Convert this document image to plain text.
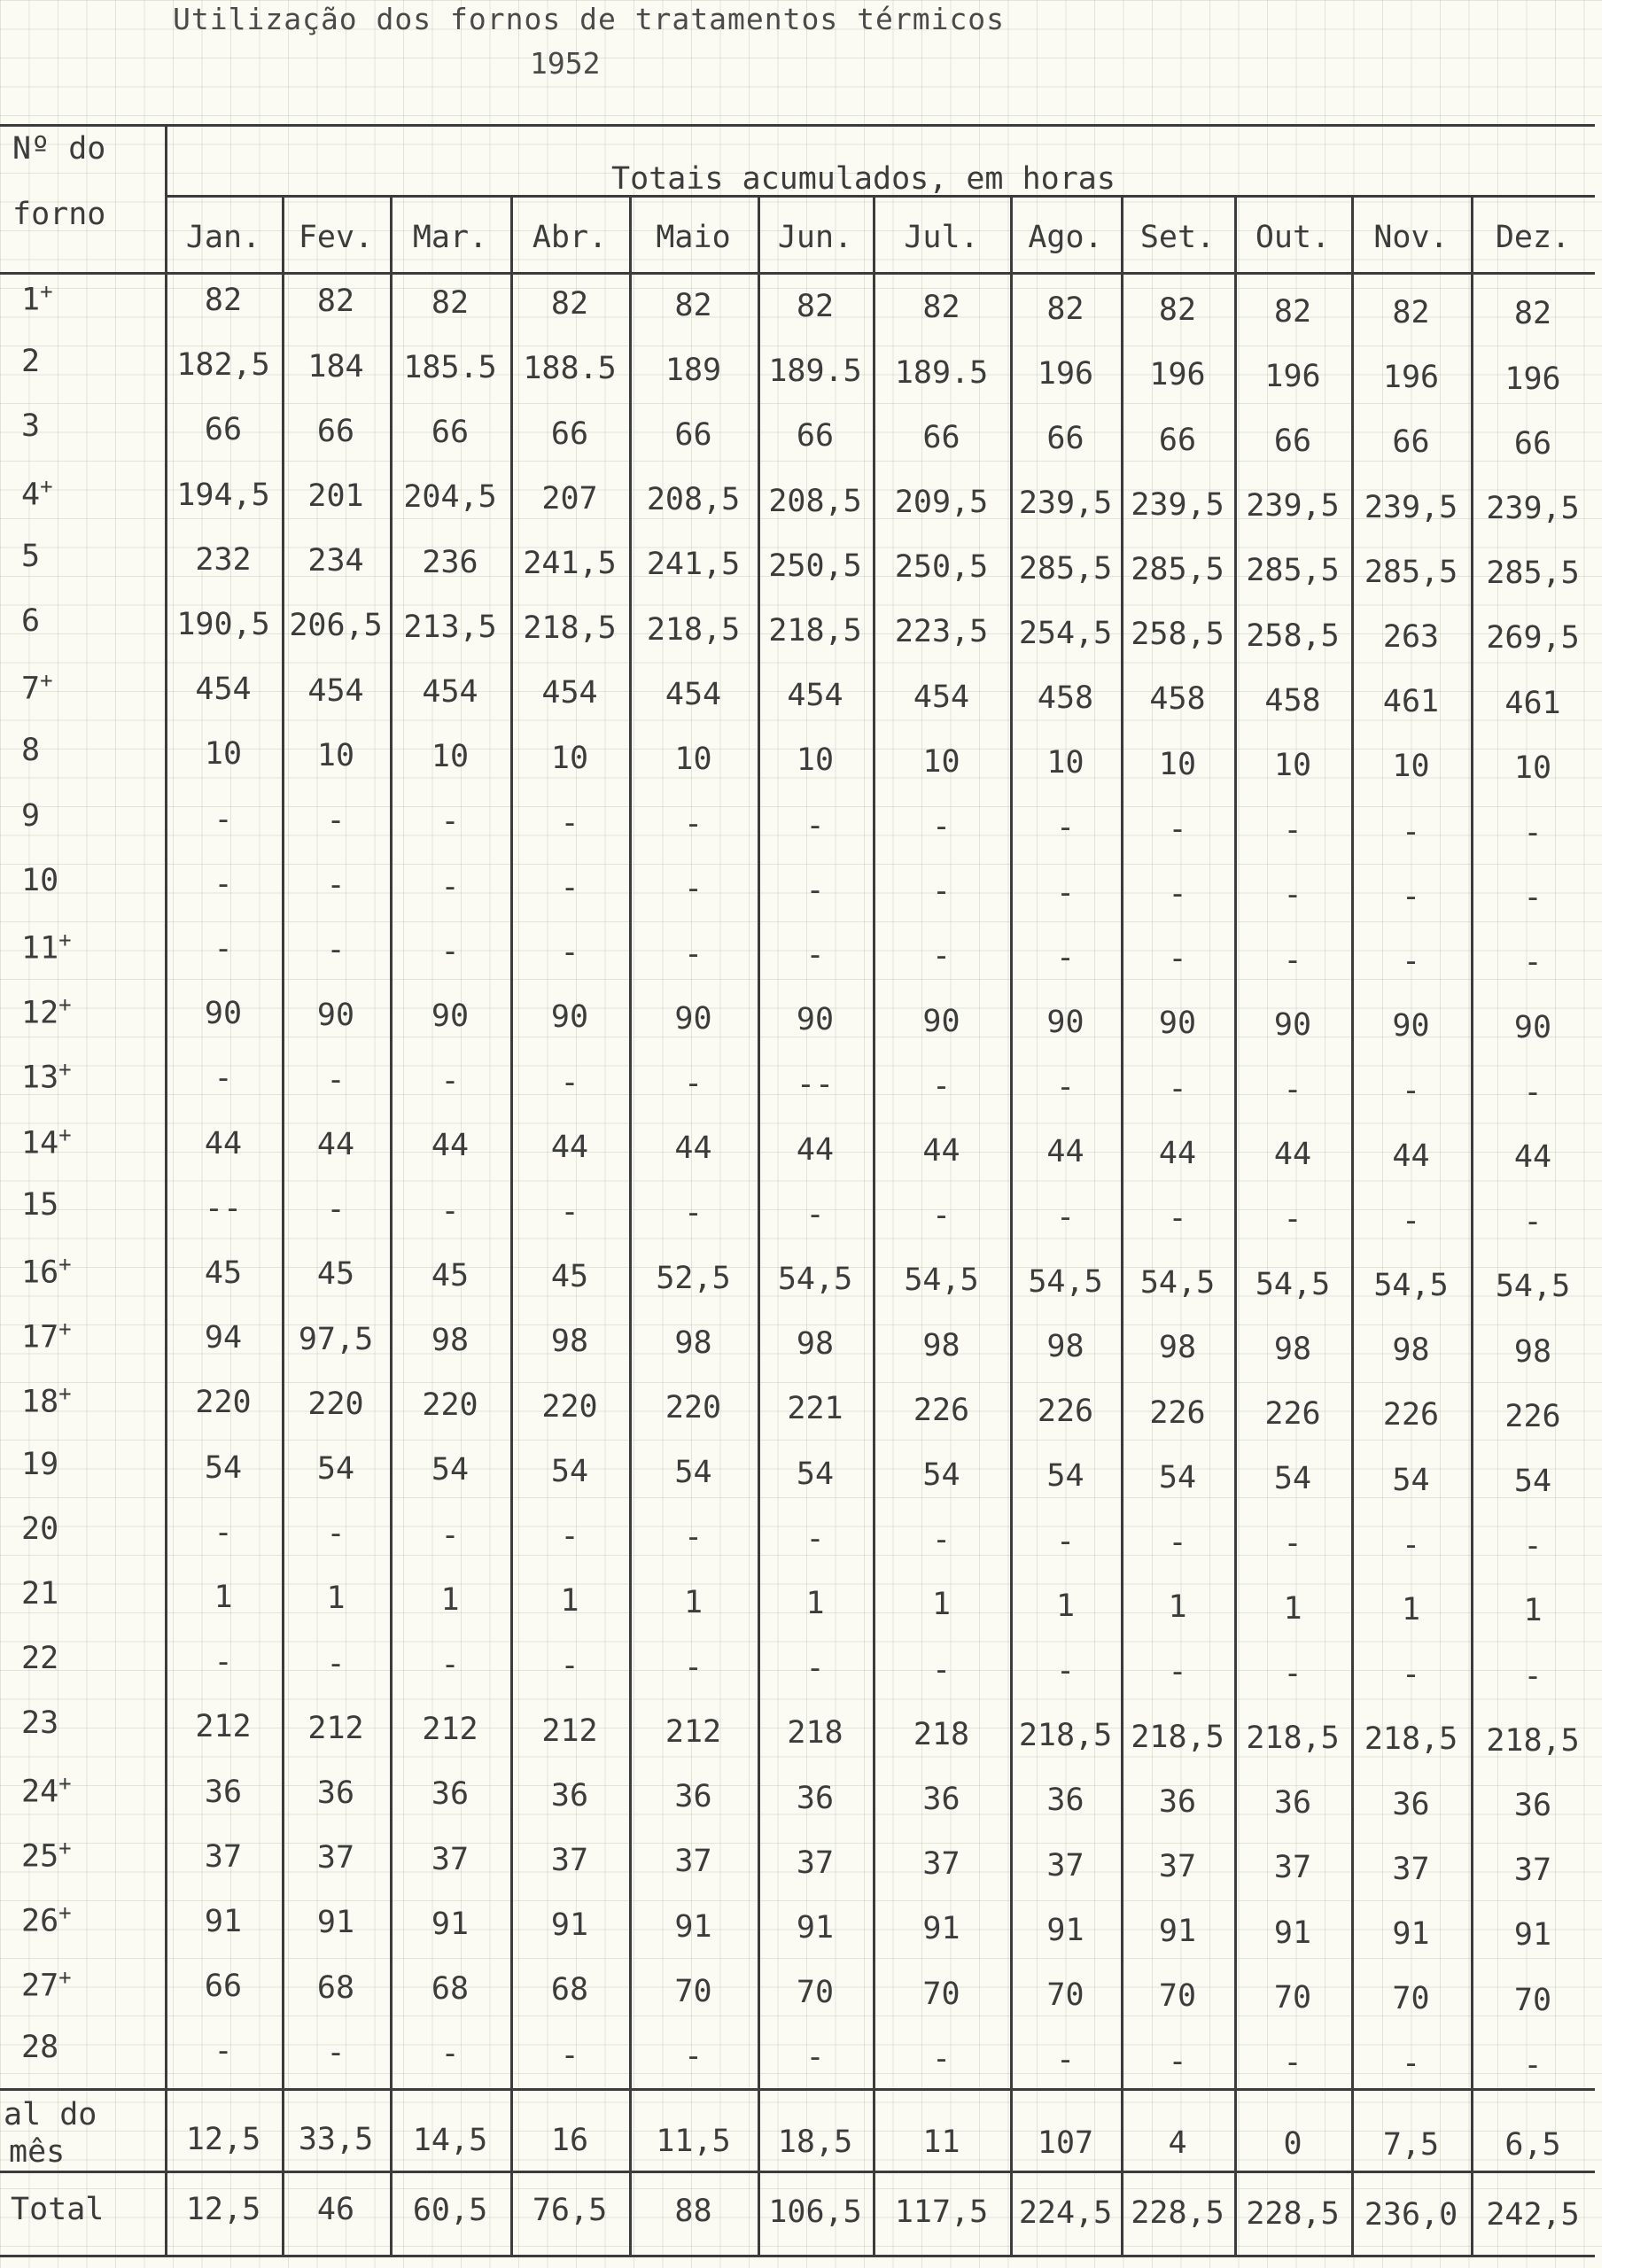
Utilização dos fornos de tratamentos térmicos
1952
Nº do
forno
Totais acumulados, em horas
Jan. Fev. Mar. Abr. Maio Jun. Jul. Ago. Set. Out. Nov. Dez.
1+	82 82 82	82	82	82	82	82 82	82	82	82
2	182,5 184 185.5 188.5 189 189.5 189.5 196 196 196 196 196
3	66 66 66	66	66	66	66	66 66	66	66	66
4+	194,5 201 204,5 207 208,5 208,5 209,5 239,5 239,5 239,5 239,5 239,5
5	232 234 236 241,5 241,5 250,5 250,5 285,5 285,5 285,5 285,5 285,5
6	190,5 206,5 213,5 218,5 218,5 218,5 223,5 254,5 258,5 258,5 263 269,5
7+	454 454 454 454 454 454 454 458 458 458 461 461
8	10 10 10	10	10	10	10	10 10	10	10	10
9	-	-	-	-	-	-	-	-	-	-	-	-
10	-	-	-	-	-	-	-	-	-	-	-	-
11+	-	-	-	-	-	-	-	-	-	-	-	-
12+	90 90 90	90	90	90	90	90 90	90	90	90
13+	-	-	-	-	-	--	-	-	-	-	-	-
14+	44 44 44	44	44	44	44	44 44	44	44	44
15	--	-	-	-	-	-	-	-	-	-	-	-
16+	45 45 45	45 52,5 54,5 54,5 54,5 54,5 54,5 54,5 54,5
17+	94 97,5 98	98	98	98	98	98 98	98	98	98
18+	220 220 220 220 220 221 226 226 226 226 226 226
19	54 54 54	54	54	54	54	54 54	54	54	54
20	-	-	-	-	-	-	-	-	-	-	-	-
21	1	1	1	1	1	1	1	1	1	1	1	1
22	-	-	-	-	-	-	-	-	-	-	-	-
23	212 212 212 212 212 218 218 218,5 218,5 218,5 218,5 218,5
24+	36 36 36	36	36	36	36	36 36	36	36	36
25+	37 37 37	37	37	37	37	37 37	37	37	37
26+	91 91 91	91	91	91	91	91 91	91	91	91
27+	66 68 68	68	70	70	70	70 70	70	70	70
28	-	-	-	-	-	-	-	-	-	-	-	-
al do
mês	12,5 33,5 14,5 16 11,5 18,5 11 107 4	0	7,5 6,5
Total	12,5 46 60,5 76,5 88 106,5 117,5 224,5 228,5 228,5 236,0 242,5
